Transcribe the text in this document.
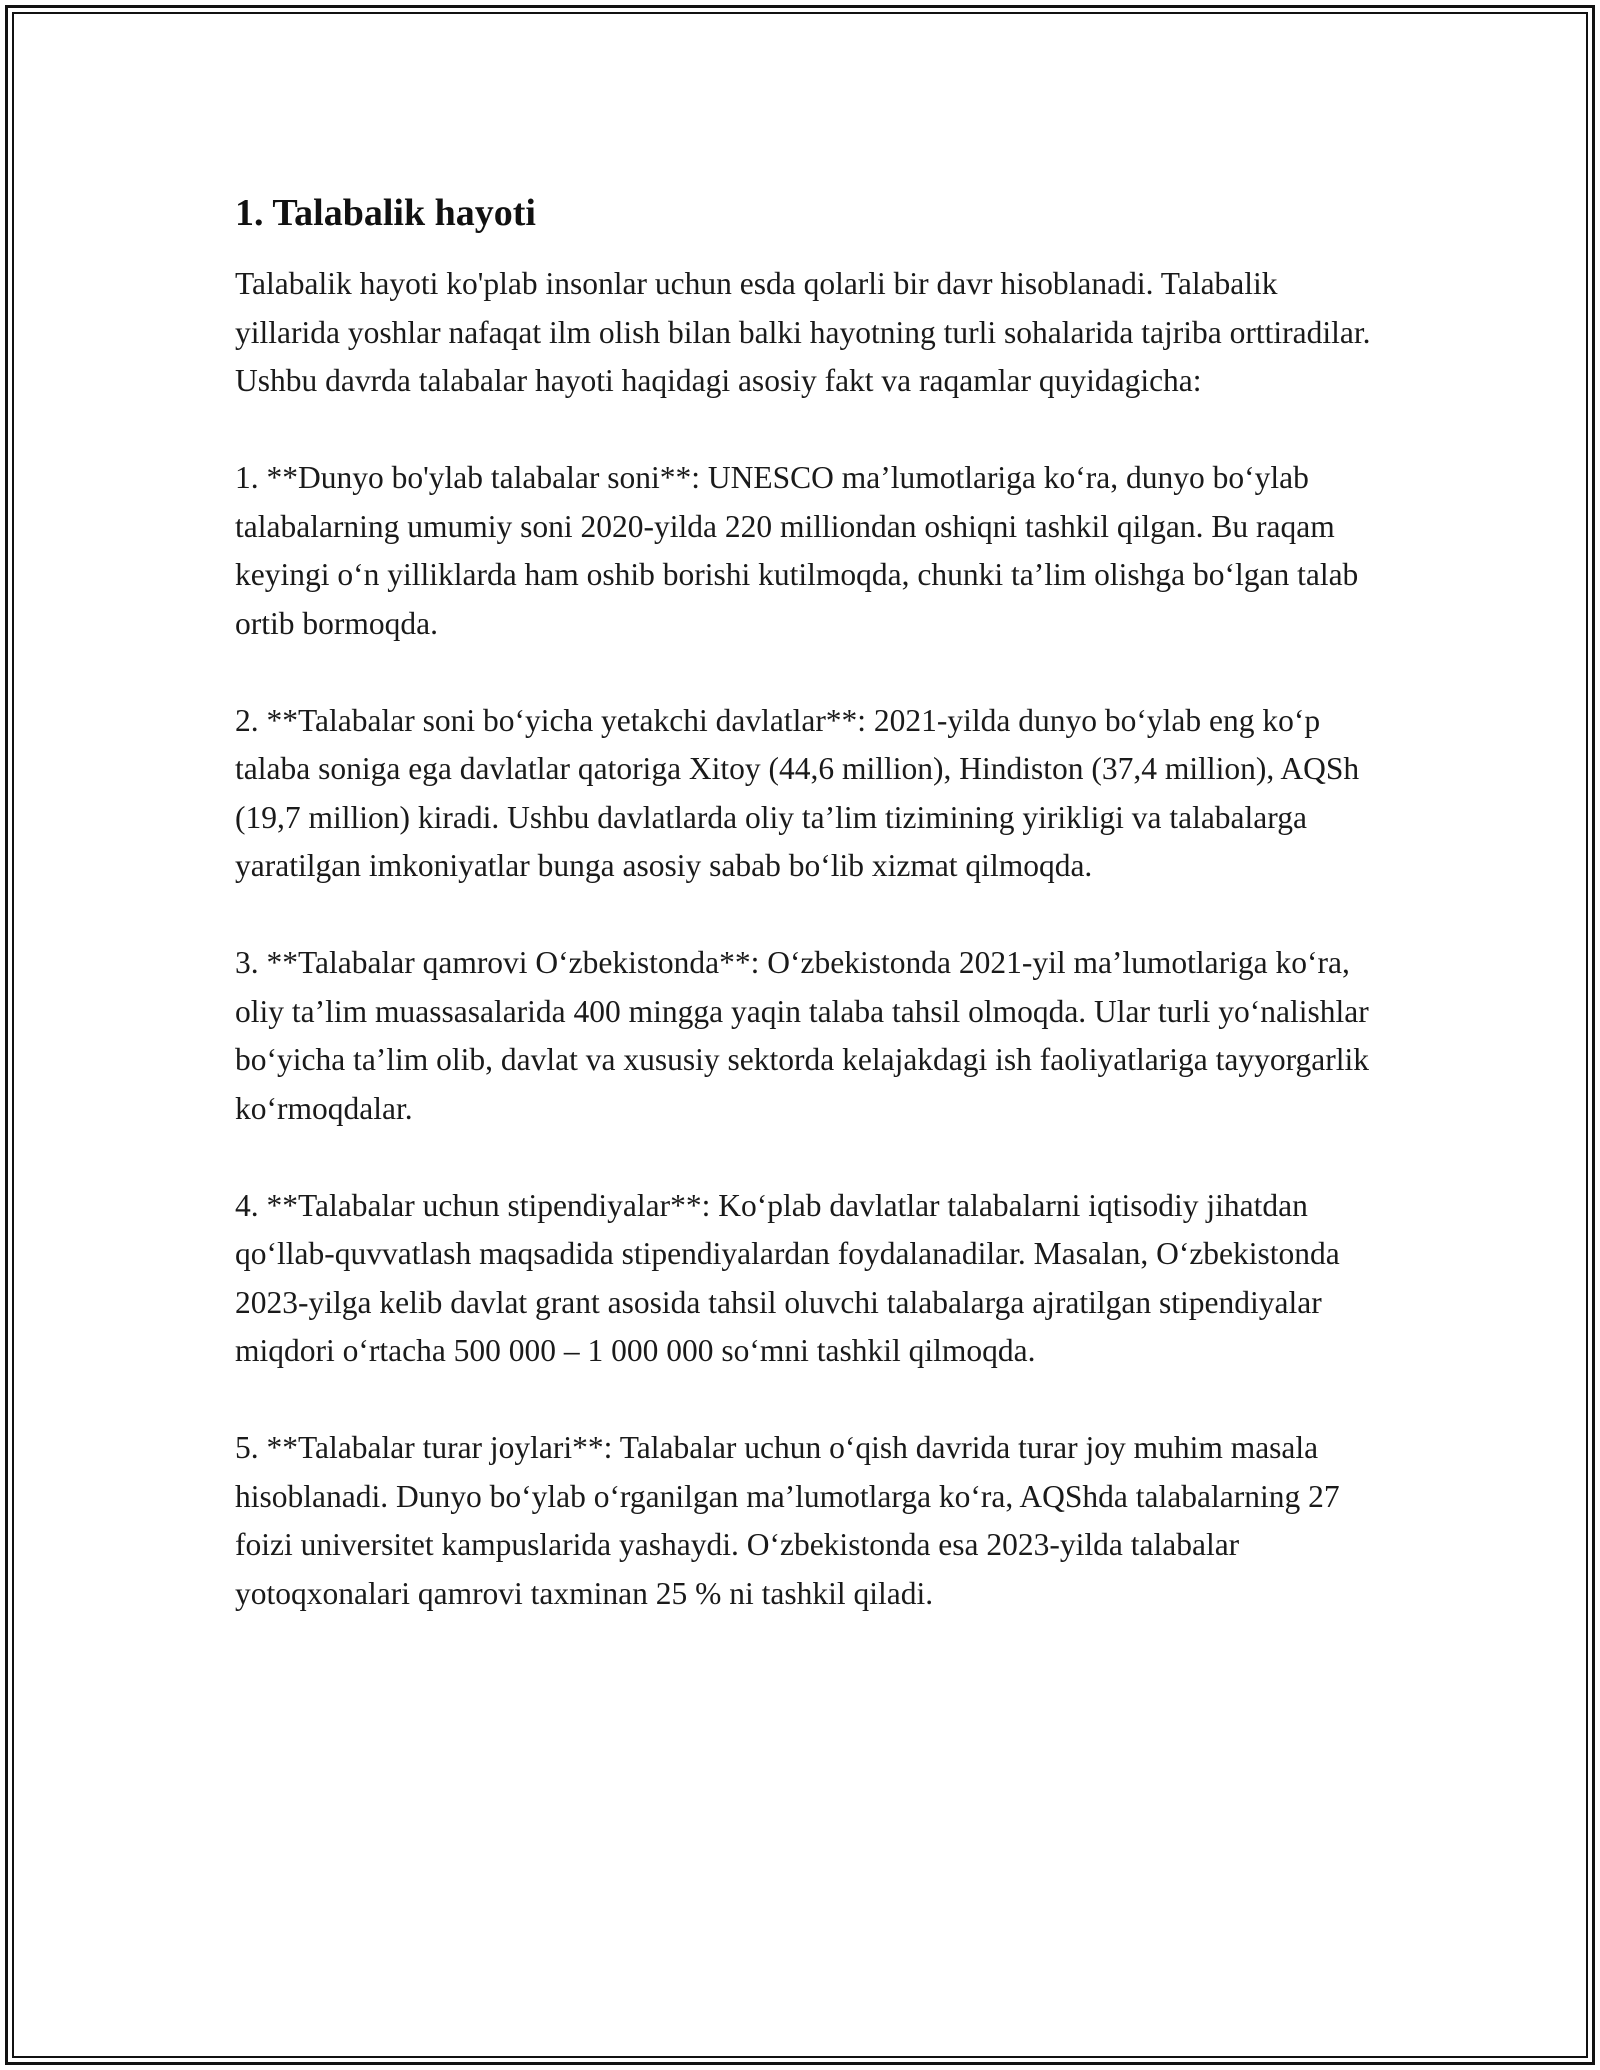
1. Talabalik hayoti

Talabalik hayoti ko'plab insonlar uchun esda qolarli bir davr hisoblanadi. Talabalik yillarida yoshlar nafaqat ilm olish bilan balki hayotning turli sohalarida tajriba orttiradilar. Ushbu davrda talabalar hayoti haqidagi asosiy fakt va raqamlar quyidagicha:

1. **Dunyo bo'ylab talabalar soni**: UNESCO ma’lumotlariga ko‘ra, dunyo bo‘ylab talabalarning umumiy soni 2020-yilda 220 milliondan oshiqni tashkil qilgan. Bu raqam keyingi o‘n yilliklarda ham oshib borishi kutilmoqda, chunki ta’lim olishga bo‘lgan talab ortib bormoqda.

2. **Talabalar soni bo‘yicha yetakchi davlatlar**: 2021-yilda dunyo bo‘ylab eng ko‘p talaba soniga ega davlatlar qatoriga Xitoy (44,6 million), Hindiston (37,4 million), AQSh (19,7 million) kiradi. Ushbu davlatlarda oliy ta’lim tizimining yirikligi va talabalarga yaratilgan imkoniyatlar bunga asosiy sabab bo‘lib xizmat qilmoqda.

3. **Talabalar qamrovi O‘zbekistonda**: O‘zbekistonda 2021-yil ma’lumotlariga ko‘ra, oliy ta’lim muassasalarida 400 mingga yaqin talaba tahsil olmoqda. Ular turli yo‘nalishlar bo‘yicha ta’lim olib, davlat va xususiy sektorda kelajakdagi ish faoliyatlariga tayyorgarlik ko‘rmoqdalar.

4. **Talabalar uchun stipendiyalar**: Ko‘plab davlatlar talabalarni iqtisodiy jihatdan qo‘llab-quvvatlash maqsadida stipendiyalardan foydalanadilar. Masalan, O‘zbekistonda 2023-yilga kelib davlat grant asosida tahsil oluvchi talabalarga ajratilgan stipendiyalar miqdori o‘rtacha 500 000 – 1 000 000 so‘mni tashkil qilmoqda.

5. **Talabalar turar joylari**: Talabalar uchun o‘qish davrida turar joy muhim masala hisoblanadi. Dunyo bo‘ylab o‘rganilgan ma’lumotlarga ko‘ra, AQShda talabalarning 27 foizi universitet kampuslarida yashaydi. O‘zbekistonda esa 2023-yilda talabalar yotoqxonalari qamrovi taxminan 25 % ni tashkil qiladi.
